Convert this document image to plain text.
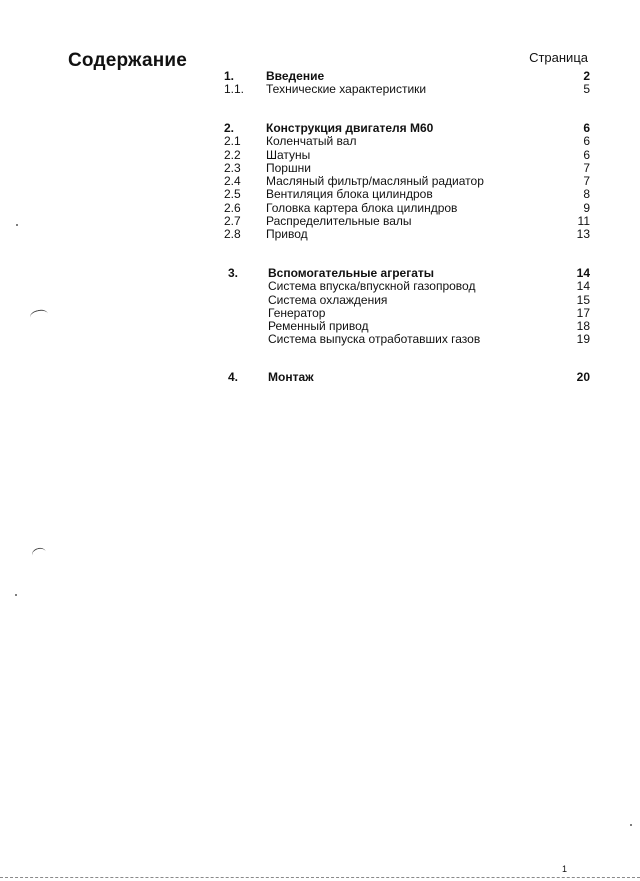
Содержание	Страница
1.	Введение	2
1.1.	Технические характеристики	5
2.	Конструкция двигателя М60	6
2.1	Коленчатый вал	6
2.2	Шатуны	6
2.3	Поршни	7
2.4	Масляный фильтр/масляный радиатор	7
2.5	Вентиляция блока цилиндров	8
2.6	Головка картера блока цилиндров	9
2.7	Распределительные валы	11
2.8	Привод	13
3.	Вспомогательные агрегаты	14
Система впуска/впускной газопровод	14
Система охлаждения	15
Генератор	17
Ременный привод	18
Система выпуска отработавших газов	19
4.	Монтаж	20
1
